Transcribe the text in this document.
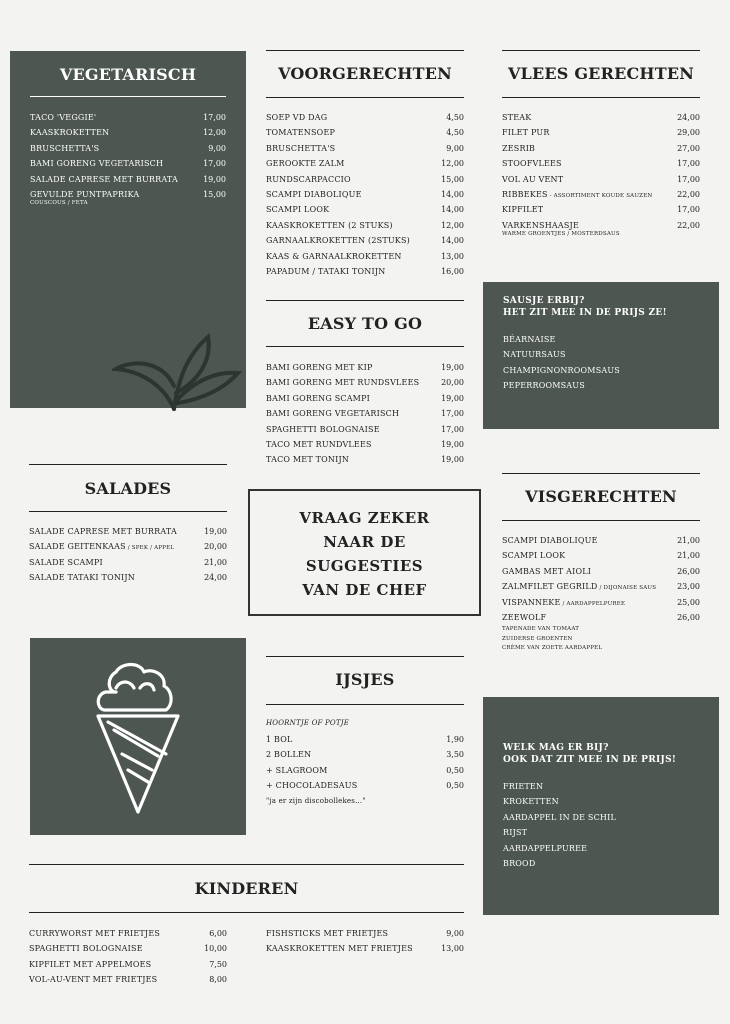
VEGETARISCH
TACO 'VEGGIE'	17,00
KAASKROKETTEN	12,00
BRUSCHETTA'S	9,00
BAMI GORENG VEGETARISCH	17,00
SALADE CAPRESE MET BURRATA	19,00
GEVULDE PUNTPAPRIKA	15,00
COUSCOUS / FETA
VOORGERECHTEN
SOEP VD DAG	4,50
TOMATENSOEP	4,50
BRUSCHETTA'S	9,00
GEROOKTE ZALM	12,00
RUNDSCARPACCIO	15,00
SCAMPI DIABOLIQUE	14,00
SCAMPI LOOK	14,00
KAASKROKETTEN (2 STUKS)	12,00
GARNAALKROKETTEN (2STUKS)	14,00
KAAS & GARNAALKROKETTEN	13,00
PAPADUM / TATAKI TONIJN	16,00
VLEES GERECHTEN
STEAK	24,00
FILET PUR	29,00
ZESRIB	27,00
STOOFVLEES	17,00
VOL AU VENT	17,00
RIBBEKES - ASSORTIMENT KOUDE SAUZEN	22,00
KIPFILET	17,00
VARKENSHAASJE	22,00
WARME GROENTJES / MOSTERDSAUS
SAUSJE ERBIJ?
HET ZIT MEE IN DE PRIJS ZE!
BÉARNAISE
NATUURSAUS
CHAMPIGNONROOMSAUS
PEPERROOMSAUS
EASY TO GO
BAMI GORENG MET KIP	19,00
BAMI GORENG MET RUNDSVLEES	20,00
BAMI GORENG SCAMPI	19,00
BAMI GORENG VEGETARISCH	17,00
SPAGHETTI BOLOGNAISE	17,00
TACO MET RUNDVLEES	19,00
TACO MET TONIJN	19,00
SALADES
SALADE CAPRESE MET BURRATA	19,00
SALADE GEITENKAAS / SPEK / APPEL	20,00
SALADE SCAMPI	21,00
SALADE TATAKI TONIJN	24,00
VRAAG ZEKER
NAAR DE
SUGGESTIES
VAN DE CHEF
VISGERECHTEN
SCAMPI DIABOLIQUE	21,00
SCAMPI LOOK	21,00
GAMBAS MET AIOLI	26,00
ZALMFILET GEGRILD / DIJONAISE SAUS	23,00
VISPANNEKE / AARDAPPELPUREE	25,00
ZEEWOLF	26,00
TAPENADE VAN TOMAAT
ZUIDERSE GROENTEN
CRÈME VAN ZOETE AARDAPPEL
IJSJES
HOORNTJE OF POTJE
1 BOL	1,90
2 BOLLEN	3,50
+ SLAGROOM	0,50
+ CHOCOLADESAUS	0,50
"ja er zijn discobollekes..."
WELK MAG ER BIJ?
OOK DAT ZIT MEE IN DE PRIJS!
FRIETEN
KROKETTEN
AARDAPPEL IN DE SCHIL
RIJST
AARDAPPELPUREE
BROOD
KINDEREN
CURRYWORST MET FRIETJES	6,00
SPAGHETTI BOLOGNAISE	10,00
KIPFILET MET APPELMOES	7,50
VOL-AU-VENT MET FRIETJES	8,00
FISHSTICKS MET FRIETJES	9,00
KAASKROKETTEN MET FRIETJES	13,00
